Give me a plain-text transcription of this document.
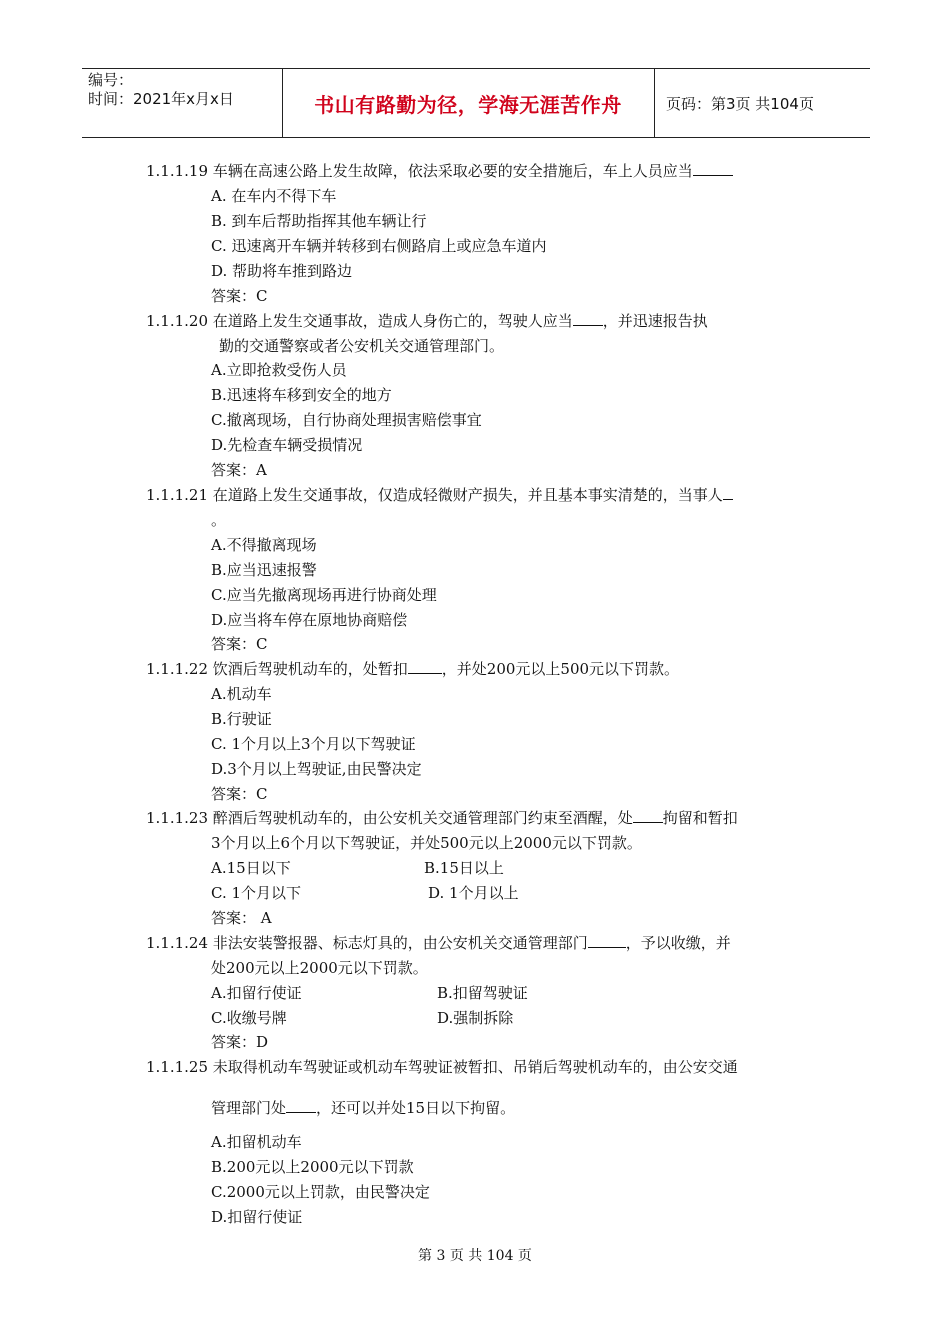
编号：
时间：2021年x月x日	书山有路勤为径，学海无涯苦作舟	页码：第3页 共104页
1.1.1.19 车辆在高速公路上发生故障，依法采取必要的安全措施后，车上人员应当
A. 在车内不得下车
B. 到车后帮助指挥其他车辆让行
C. 迅速离开车辆并转移到右侧路肩上或应急车道内
D. 帮助将车推到路边
答案：C
1.1.1.20 在道路上发生交通事故，造成人身伤亡的，驾驶人应当 ，并迅速报告执
勤的交通警察或者公安机关交通管理部门。
A.立即抢救受伤人员
B.迅速将车移到安全的地方
C.撤离现场，自行协商处理损害赔偿事宜
D.先检查车辆受损情况
答案：A
1.1.1.21 在道路上发生交通事故，仅造成轻微财产损失，并且基本事实清楚的，当事人
。
A.不得撤离现场
B.应当迅速报警
C.应当先撤离现场再进行协商处理
D.应当将车停在原地协商赔偿
答案：C
1.1.1.22 饮酒后驾驶机动车的，处暂扣 ，并处200元以上500元以下罚款。
A.机动车
B.行驶证
C. 1个月以上3个月以下驾驶证
D.3个月以上驾驶证,由民警决定
答案：C
1.1.1.23 醉酒后驾驶机动车的，由公安机关交通管理部门约束至酒醒，处 拘留和暂扣
3个月以上6个月以下驾驶证，并处500元以上2000元以下罚款。
A.15日以下	B.15日以上
C. 1个月以下	D. 1个月以上
答案： A
1.1.1.24 非法安装警报器、标志灯具的，由公安机关交通管理部门	，予以收缴，并
处200元以上2000元以下罚款。
A.扣留行使证	B.扣留驾驶证
C.收缴号牌	D.强制拆除
答案：D
1.1.1.25 未取得机动车驾驶证或机动车驾驶证被暂扣、吊销后驾驶机动车的，由公安交通
管理部门处 ，还可以并处15日以下拘留。
A.扣留机动车
B.200元以上2000元以下罚款
C.2000元以上罚款，由民警决定
D.扣留行使证
第 3 页 共 104 页
